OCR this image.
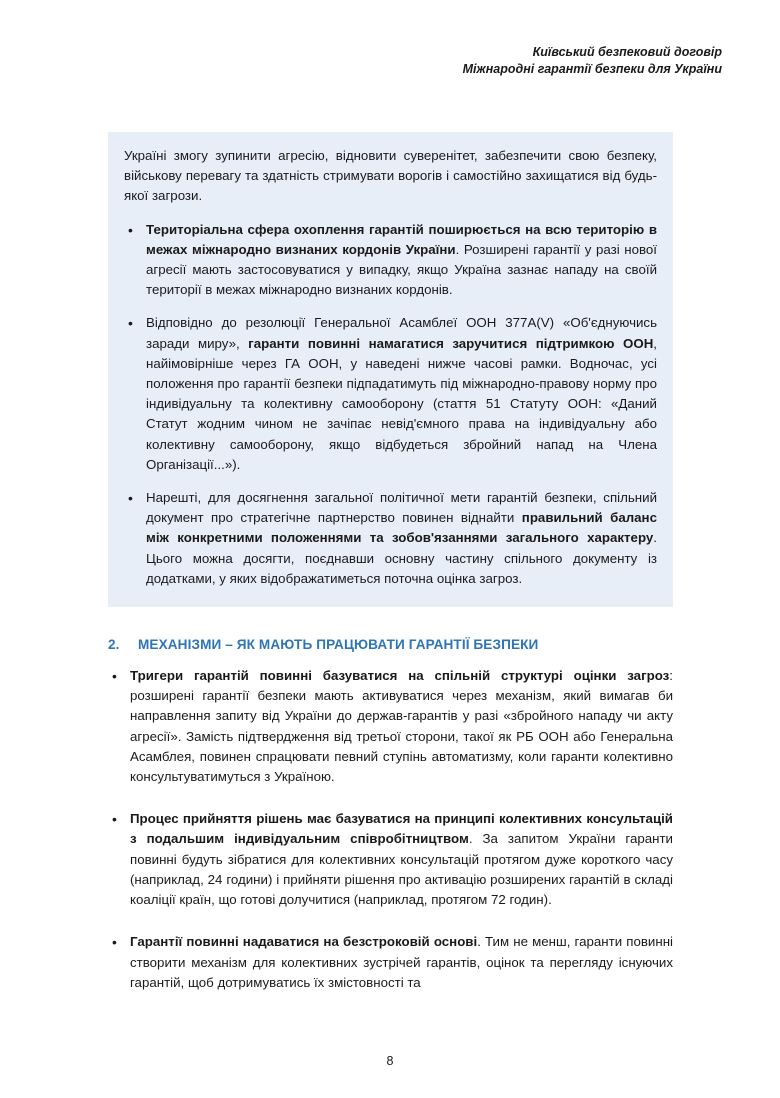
Київський безпековий договір
Міжнародні гарантії безпеки для України

Україні змогу зупинити агресію, відновити суверенітет, забезпечити свою безпеку, військову перевагу та здатність стримувати ворогів і самостійно захищатися від будь-якої загрози.

• Територіальна сфера охоплення гарантій поширюється на всю територію в межах міжнародно визнаних кордонів України. Розширені гарантії у разі нової агресії мають застосовуватися у випадку, якщо Україна зазнає нападу на своїй території в межах міжнародно визнаних кордонів.
• Відповідно до резолюції Генеральної Асамблеї ООН 377A(V) «Об'єднуючись заради миру», гаранти повинні намагатися заручитися підтримкою ООН, найімовірніше через ГА ООН, у наведені нижче часові рамки. Водночас, усі положення про гарантії безпеки підпадатимуть під міжнародно-правову норму про індивідуальну та колективну самооборону (стаття 51 Статуту ООН: «Даний Статут жодним чином не зачіпає невід'ємного права на індивідуальну або колективну самооборону, якщо відбудеться збройний напад на Члена Організації...»).
• Нарешті, для досягнення загальної політичної мети гарантій безпеки, спільний документ про стратегічне партнерство повинен віднайти правильний баланс між конкретними положеннями та зобов'язаннями загального характеру. Цього можна досягти, поєднавши основну частину спільного документу із додатками, у яких відображатиметься поточна оцінка загроз.
2.	МЕХАНІЗМИ – ЯК МАЮТЬ ПРАЦЮВАТИ ГАРАНТІЇ БЕЗПЕКИ
• Тригери гарантій повинні базуватися на спільній структурі оцінки загроз: розширені гарантії безпеки мають активуватися через механізм, який вимагав би направлення запиту від України до держав-гарантів у разі «збройного нападу чи акту агресії». Замість підтвердження від третьої сторони, такої як РБ ООН або Генеральна Асамблея, повинен спрацювати певний ступінь автоматизму, коли гаранти колективно консультуватимуться з Україною.
• Процес прийняття рішень має базуватися на принципі колективних консультацій з подальшим індивідуальним співробітництвом. За запитом України гаранти повинні будуть зібратися для колективних консультацій протягом дуже короткого часу (наприклад, 24 години) і прийняти рішення про активацію розширених гарантій в складі коаліції країн, що готові долучитися (наприклад, протягом 72 годин).
• Гарантії повинні надаватися на безстроковій основі. Тим не менш, гаранти повинні створити механізм для колективних зустрічей гарантів, оцінок та перегляду існуючих гарантій, щоб дотримуватись їх змістовності та
8
